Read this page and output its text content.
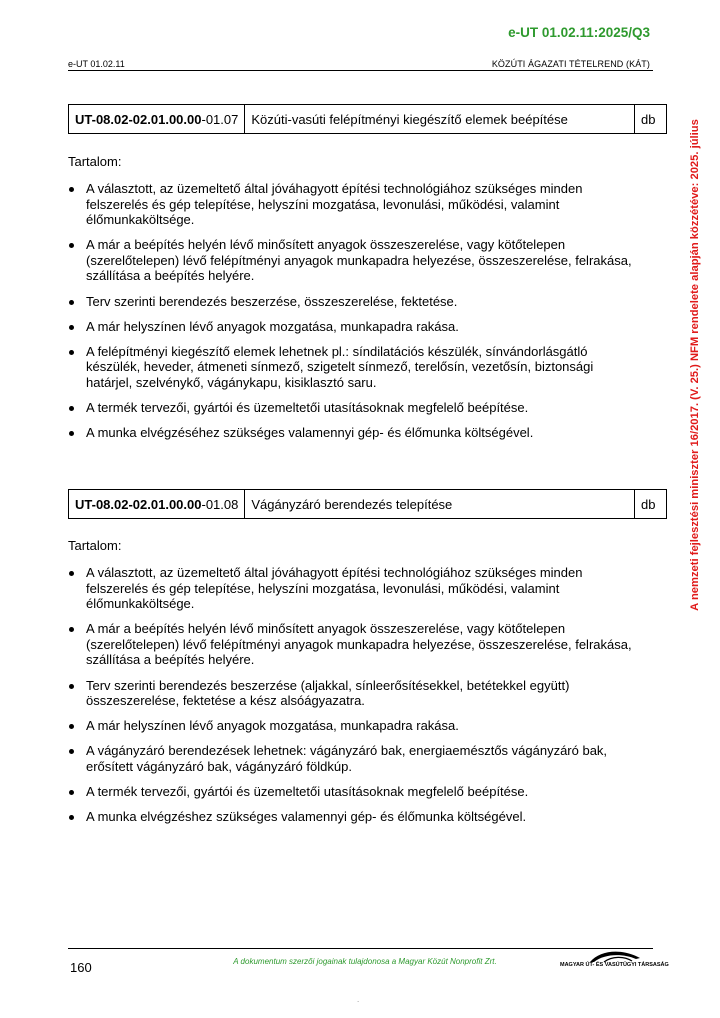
e-UT 01.02.11:2025/Q3
e-UT 01.02.11	KÖZÚTI ÁGAZATI TÉTELREND (KÁT)
A nemzeti fejlesztési miniszter 16/2017. (V. 25.) NFM rendelete alapján közzétéve: 2025. július
UT-08.02-02.01.00.00-01.07	Közúti-vasúti felépítményi kiegészítő elemek beépítése	db
Tartalom:
A választott, az üzemeltető által jóváhagyott építési technológiához szükséges minden felszerelés és gép telepítése, helyszíni mozgatása, levonulási, működési, valamint élőmunkaköltsége.
A már a beépítés helyén lévő minősített anyagok összeszerelése, vagy kötőtelepen (szerelőtelepen) lévő felépítményi anyagok munkapadra helyezése, összeszerelése, felrakása, szállítása a beépítés helyére.
Terv szerinti berendezés beszerzése, összeszerelése, fektetése.
A már helyszínen lévő anyagok mozgatása, munkapadra rakása.
A felépítményi kiegészítő elemek lehetnek pl.: síndilatációs készülék, sínvándorlásgátló készülék, heveder, átmeneti sínmező, szigetelt sínmező, terelősín, vezetősín, biztonsági határjel, szelvénykő, vágánykapu, kisiklasztó saru.
A termék tervezői, gyártói és üzemeltetői utasításoknak megfelelő beépítése.
A munka elvégzéséhez szükséges valamennyi gép- és élőmunka költségével.
UT-08.02-02.01.00.00-01.08	Vágányzáró berendezés telepítése	db
Tartalom:
A választott, az üzemeltető által jóváhagyott építési technológiához szükséges minden felszerelés és gép telepítése, helyszíni mozgatása, levonulási, működési, valamint élőmunkaköltsége.
A már a beépítés helyén lévő minősített anyagok összeszerelése, vagy kötőtelepen (szerelőtelepen) lévő felépítményi anyagok munkapadra helyezése, összeszerelése, felrakása, szállítása a beépítés helyére.
Terv szerinti berendezés beszerzése (aljakkal, sínleerősítésekkel, betétekkel együtt) összeszerelése, fektetése a kész alsóágyazatra.
A már helyszínen lévő anyagok mozgatása, munkapadra rakása.
A vágányzáró berendezések lehetnek: vágányzáró bak, energiaemésztős vágányzáró bak, erősített vágányzáró bak, vágányzáró földkúp.
A termék tervezői, gyártói és üzemeltetői utasításoknak megfelelő beépítése.
A munka elvégzéshez szükséges valamennyi gép- és élőmunka költségével.
160	A dokumentum szerzői jogainak tulajdonosa a Magyar Közút Nonprofit Zrt.	MAGYAR ÚT- ÉS VASÚTÜGYI TÁRSASÁG
.
